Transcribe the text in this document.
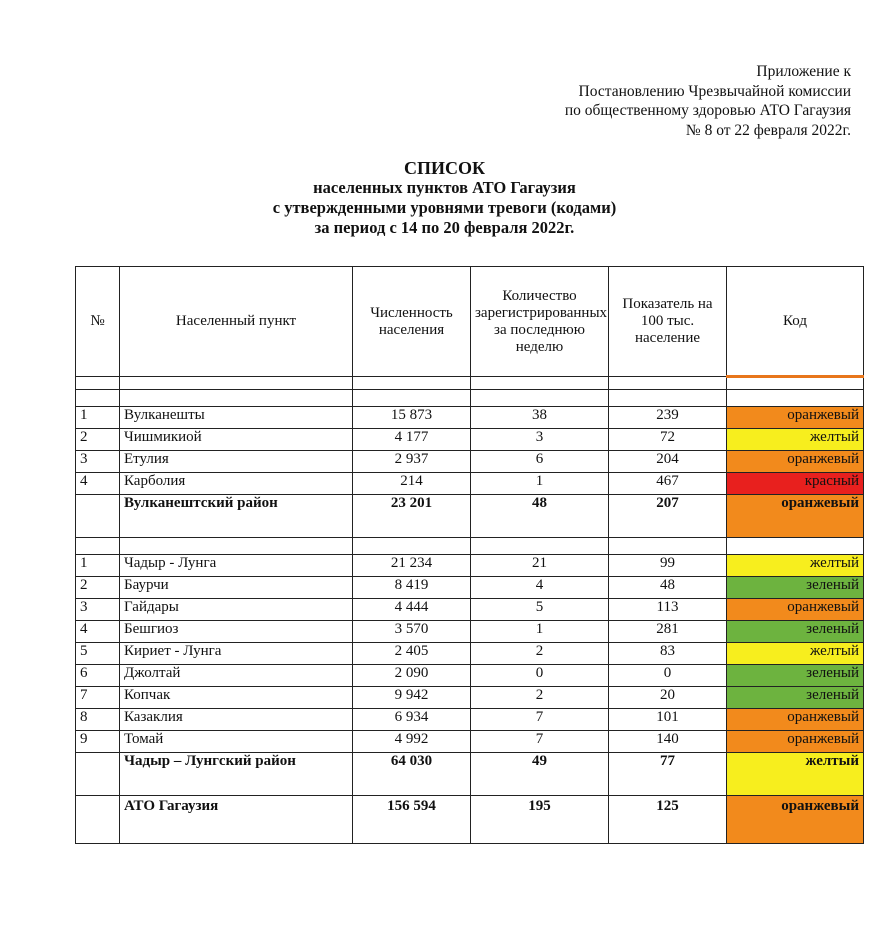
Приложение к
Постановлению Чрезвычайной комиссии
по общественному здоровью АТО Гагаузия
№ 8 от 22 февраля 2022г.
СПИСОК
населенных пунктов АТО Гагаузия
с утвержденными уровнями тревоги (кодами)
за период с 14 по 20 февраля 2022г.
№	Населенный пункт	Численность населения	Количество зарегистрированных за последнюю неделю	Показатель на 100 тыс. население	Код

1	Вулканешты	15 873	38	239	оранжевый
2	Чишмикиой	4 177	3	72	желтый
3	Етулия	2 937	6	204	оранжевый
4	Карболия	214	1	467	красный
	Вулканештский район	23 201	48	207	оранжевый

1	Чадыр - Лунга	21 234	21	99	желтый
2	Баурчи	8 419	4	48	зеленый
3	Гайдары	4 444	5	113	оранжевый
4	Бешгиоз	3 570	1	281	зеленый
5	Кириет - Лунга	2 405	2	83	желтый
6	Джолтай	2 090	0	0	зеленый
7	Копчак	9 942	2	20	зеленый
8	Казаклия	6 934	7	101	оранжевый
9	Томай	4 992	7	140	оранжевый
	Чадыр – Лунгский район	64 030	49	77	желтый
	АТО Гагаузия	156 594	195	125	оранжевый
